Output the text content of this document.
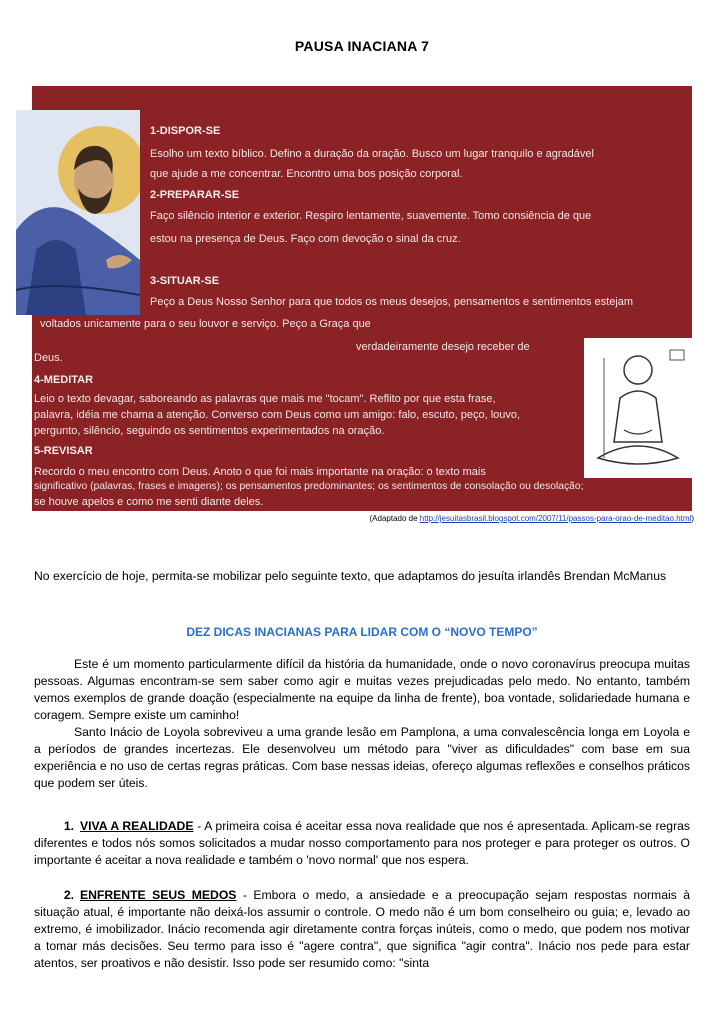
PAUSA INACIANA 7
1-DISPOR-SE
Esolho um texto bíblico. Defino a duração da oração. Busco um lugar tranquilo e agradável
que ajude a me concentrar. Encontro uma bos posição corporal.
2-PREPARAR-SE
Faço silêncio interior e exterior. Respiro lentamente, suavemente. Tomo consiência de que
estou na presença de Deus. Faço com devoção o sinal da cruz.
3-SITUAR-SE
Peço a Deus Nosso Senhor para que todos os meus desejos, pensamentos e sentimentos estejam
voltados unicamente para o seu louvor e serviço. Peço a Graça que
verdadeiramente desejo receber de
Deus.
4-MEDITAR
Leio o texto devagar, saboreando as palavras que mais me "tocam". Reflito por que esta frase,
palavra, idéia me chama a atenção. Converso com Deus como um amigo: falo, escuto, peço, louvo,
pergunto, silêncio, seguindo os sentimentos experimentados na oração.
5-REVISAR
Recordo o meu encontro com Deus. Anoto o que foi mais importante na oração: o texto mais
significativo (palavras, frases e imagens); os pensamentos predominantes; os sentimentos de consolação ou desolação;
se houve apelos e como me senti diante deles.
(Adaptado de http://jesuitasbrasil.blogspot.com/2007/11/passos-para-orao-de-meditao.html)
No exercício de hoje, permita-se mobilizar pelo seguinte texto, que adaptamos do jesuíta irlandês Brendan McManus
DEZ DICAS INACIANAS PARA LIDAR COM O “NOVO TEMPO”
Este é um momento particularmente difícil da história da humanidade, onde o novo coronavírus preocupa muitas pessoas. Algumas encontram-se sem saber como agir e muitas vezes prejudicadas pelo medo. No entanto, também vemos exemplos de grande doação (especialmente na equipe da linha de frente), boa vontade, solidariedade humana e coragem. Sempre existe um caminho!
Santo Inácio de Loyola sobreviveu a uma grande lesão em Pamplona, a uma convalescência longa em Loyola e a períodos de grandes incertezas. Ele desenvolveu um método para "viver as dificuldades" com base em sua experiência e no uso de certas regras práticas. Com base nessas ideias, ofereço algumas reflexões e conselhos práticos que podem ser úteis.
1. VIVA A REALIDADE - A primeira coisa é aceitar essa nova realidade que nos é apresentada. Aplicam-se regras diferentes e todos nós somos solicitados a mudar nosso comportamento para nos proteger e para proteger os outros. O importante é aceitar a nova realidade e também o 'novo normal' que nos espera.
2. ENFRENTE SEUS MEDOS - Embora o medo, a ansiedade e a preocupação sejam respostas normais à situação atual, é importante não deixá-los assumir o controle. O medo não é um bom conselheiro ou guia; e, levado ao extremo, é imobilizador. Inácio recomenda agir diretamente contra forças inúteis, como o medo, que podem nos motivar a tomar más decisões. Seu termo para isso é "agere contra", que significa "agir contra". Inácio nos pede para estar atentos, ser proativos e não desistir. Isso pode ser resumido como: "sinta
